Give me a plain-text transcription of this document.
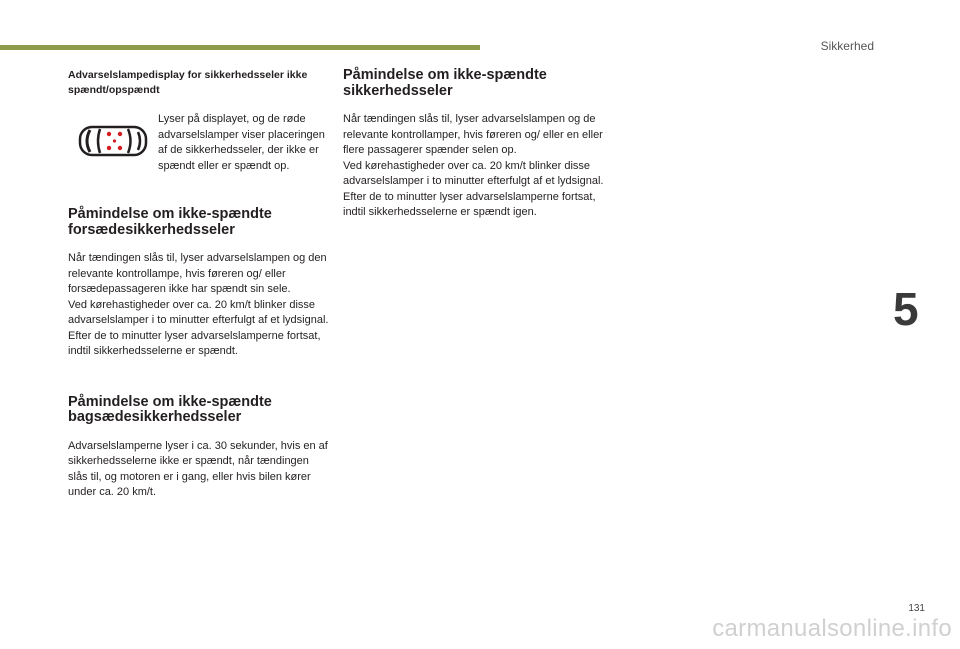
Sikkerhed
5

Advarselslampedisplay for sikkerhedsseler ikke spændt/opspændt

Lyser på displayet, og de røde advarselslamper viser placeringen af de sikkerhedsseler, der ikke er spændt eller er spændt op.

Påmindelse om ikke-spændte forsædesikkerhedsseler

Når tændingen slås til, lyser advarselslampen og den relevante kontrollampe, hvis føreren og/ eller forsædepassageren ikke har spændt sin sele.
Ved kørehastigheder over ca. 20 km/t blinker disse advarselslamper i to minutter efterfulgt af et lydsignal. Efter de to minutter lyser advarselslamperne fortsat, indtil sikkerhedsselerne er spændt.

Påmindelse om ikke-spændte bagsædesikkerhedsseler

Advarselslamperne lyser i ca. 30 sekunder, hvis en af sikkerhedsselerne ikke er spændt, når tændingen slås til, og motoren er i gang, eller hvis bilen kører under ca. 20 km/t.

Påmindelse om ikke-spændte sikkerhedsseler

Når tændingen slås til, lyser advarselslampen og de relevante kontrollamper, hvis føreren og/ eller en eller flere passagerer spænder selen op.
Ved kørehastigheder over ca. 20 km/t blinker disse advarselslamper i to minutter efterfulgt af et lydsignal. Efter de to minutter lyser advarselslamperne fortsat, indtil sikkerhedsselerne er spændt igen.

131
carmanualsonline.info
